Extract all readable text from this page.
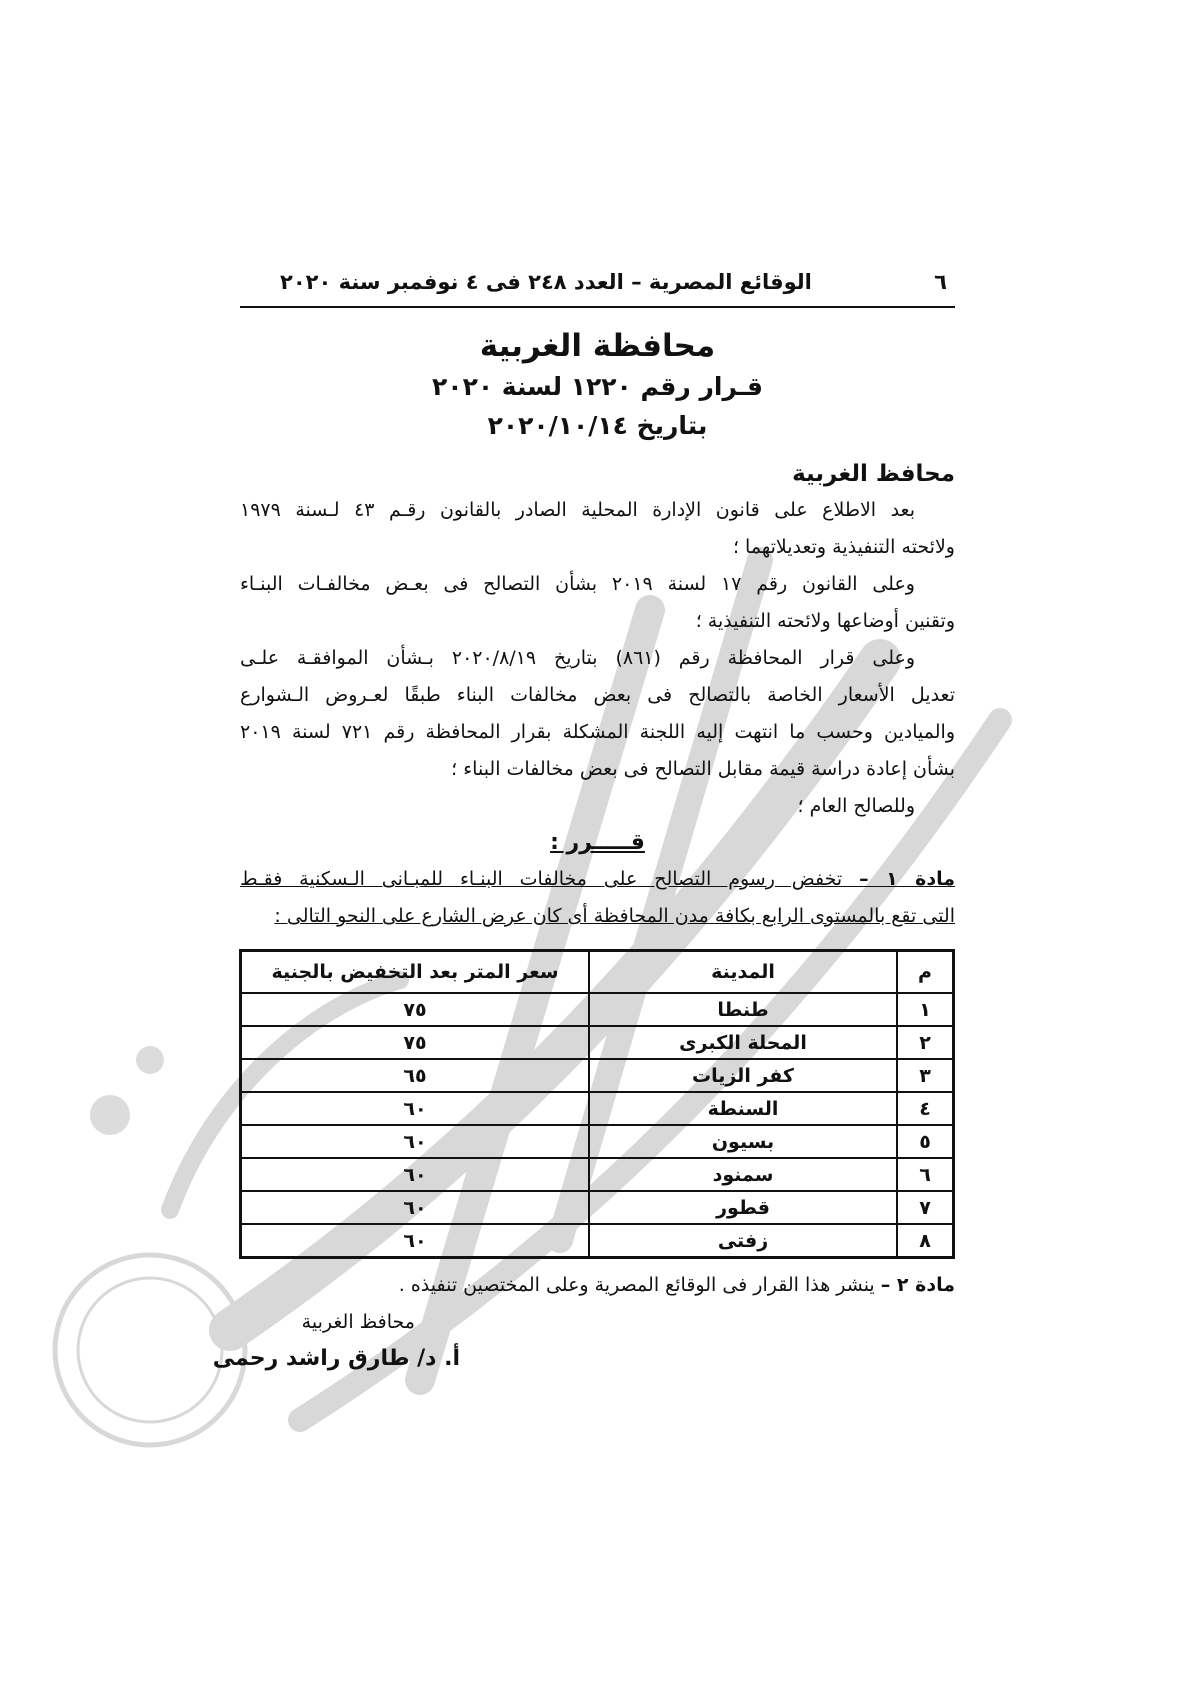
٦
الوقائع المصرية – العدد ٢٤٨ فى ٤ نوفمبر سنة ٢٠٢٠
محافظة الغربية
قـرار رقم ١٢٢٠ لسنة ٢٠٢٠
بتاريخ ٢٠٢٠/١٠/١٤
محافظ الغربية
بعد الاطلاع على قانون الإدارة المحلية الصادر بالقانون رقـم ٤٣ لـسنة ١٩٧٩
ولائحته التنفيذية وتعديلاتهما ؛
وعلى القانون رقم ١٧ لسنة ٢٠١٩ بشأن التصالح فى بعـض مخالفـات البنـاء
وتقنين أوضاعها ولائحته التنفيذية ؛
وعلى قرار المحافظة رقم (٨٦١) بتاريخ ٢٠٢٠/٨/١٩ بـشأن الموافقـة علـى
تعديل الأسعار الخاصة بالتصالح فى بعض مخالفات البناء طبقًا لعـروض الـشوارع
والميادين وحسب ما انتهت إليه اللجنة المشكلة بقرار المحافظة رقم ٧٢١ لسنة ٢٠١٩
بشأن إعادة دراسة قيمة مقابل التصالح فى بعض مخالفات البناء ؛
وللصالح العام ؛
قـــــرر :
مادة ١ – تخفض رسوم التصالح على مخالفات البنـاء للمبـانى الـسكنية فقـط
التى تقع بالمستوى الرابع بكافة مدن المحافظة أى كان عرض الشارع على النحو التالى :
م	المدينة	سعر المتر بعد التخفيض بالجنية
١	طنطا	٧٥
٢	المحلة الكبرى	٧٥
٣	كفر الزيات	٦٥
٤	السنطة	٦٠
٥	بسيون	٦٠
٦	سمنود	٦٠
٧	قطور	٦٠
٨	زفتى	٦٠
مادة ٢ – ينشر هذا القرار فى الوقائع المصرية وعلى المختصين تنفيذه .
محافظ الغربية
أ. د/ طارق راشد رحمى
